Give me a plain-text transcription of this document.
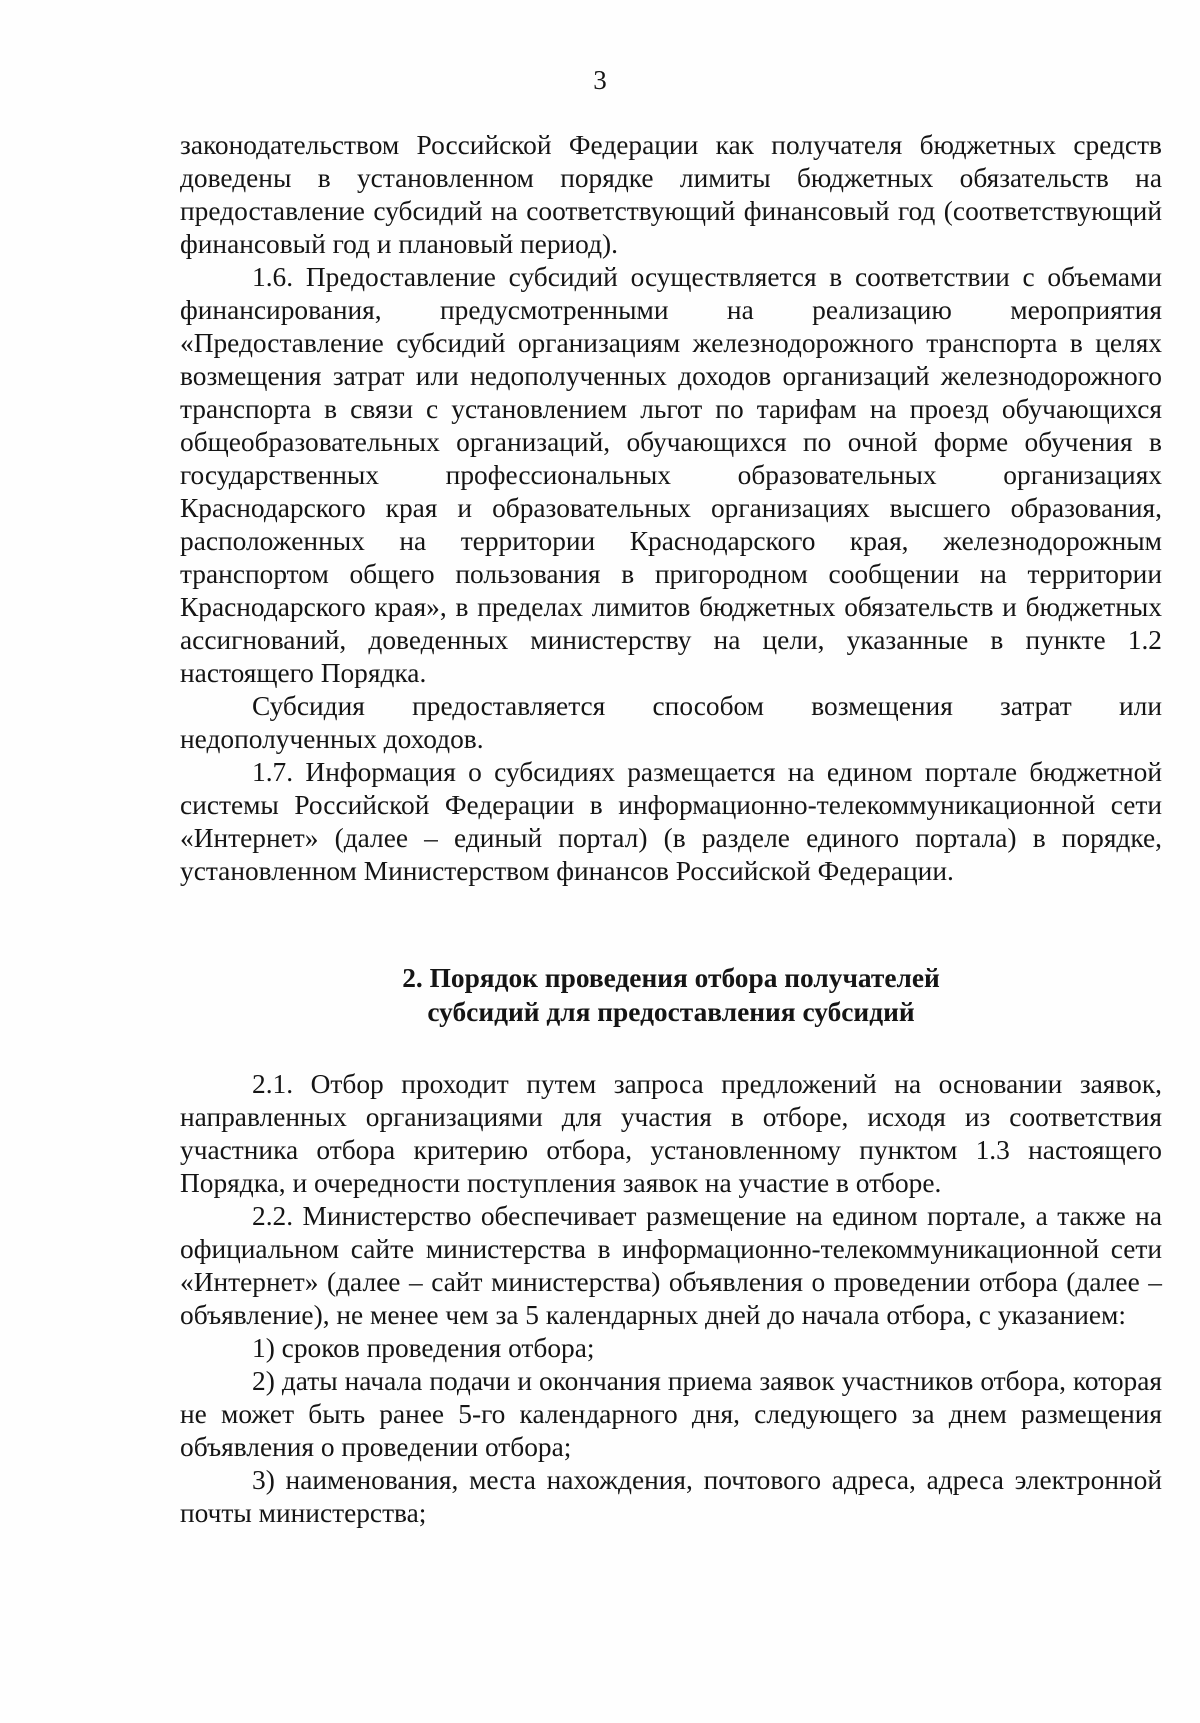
3

законодательством Российской Федерации как получателя бюджетных средств доведены в установленном порядке лимиты бюджетных обязательств на предоставление субсидий на соответствующий финансовый год (соответствующий финансовый год и плановый период).

1.6. Предоставление субсидий осуществляется в соответствии с объемами финансирования, предусмотренными на реализацию мероприятия «Предоставление субсидий организациям железнодорожного транспорта в целях возмещения затрат или недополученных доходов организаций железнодорожного транспорта в связи с установлением льгот по тарифам на проезд обучающихся общеобразовательных организаций, обучающихся по очной форме обучения в государственных профессиональных образовательных организациях Краснодарского края и образовательных организациях высшего образования, расположенных на территории Краснодарского края, железнодорожным транспортом общего пользования в пригородном сообщении на территории Краснодарского края», в пределах лимитов бюджетных обязательств и бюджетных ассигнований, доведенных министерству на цели, указанные в пункте 1.2 настоящего Порядка.

Субсидия предоставляется способом возмещения затрат или недополученных доходов.

1.7. Информация о субсидиях размещается на едином портале бюджетной системы Российской Федерации в информационно-телекоммуникационной сети «Интернет» (далее – единый портал) (в разделе единого портала) в порядке, установленном Министерством финансов Российской Федерации.

2. Порядок проведения отбора получателей
субсидий для предоставления субсидий

2.1. Отбор проходит путем запроса предложений на основании заявок, направленных организациями для участия в отборе, исходя из соответствия участника отбора критерию отбора, установленному пунктом 1.3 настоящего Порядка, и очередности поступления заявок на участие в отборе.

2.2. Министерство обеспечивает размещение на едином портале, а также на официальном сайте министерства в информационно-телекоммуникационной сети «Интернет» (далее – сайт министерства) объявления о проведении отбора (далее – объявление), не менее чем за 5 календарных дней до начала отбора, с указанием:

1) сроков проведения отбора;

2) даты начала подачи и окончания приема заявок участников отбора, которая не может быть ранее 5-го календарного дня, следующего за днем размещения объявления о проведении отбора;

3) наименования, места нахождения, почтового адреса, адреса электронной почты министерства;
